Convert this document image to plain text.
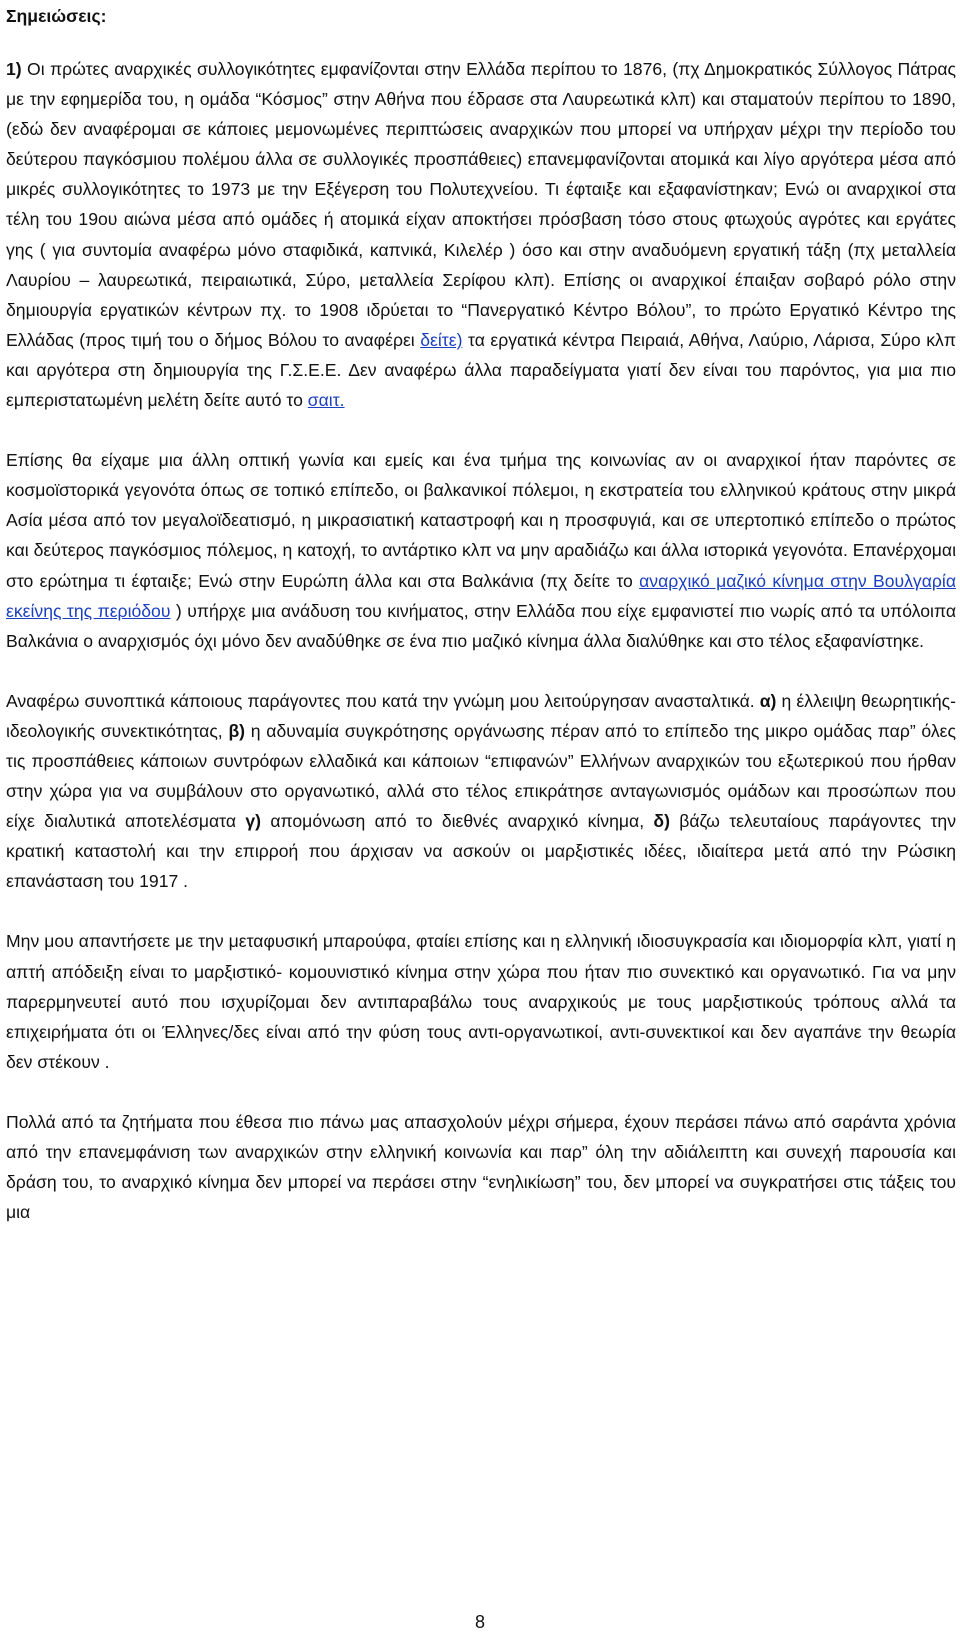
Σημειώσεις:

1) Οι πρώτες αναρχικές συλλογικότητες εμφανίζονται στην Ελλάδα περίπου το 1876, (πχ Δημοκρατικός Σύλλογος Πάτρας με την εφημερίδα του, η ομάδα “Κόσμος” στην Αθήνα που έδρασε στα Λαυρεωτικά κλπ) και σταματούν περίπου το 1890, (εδώ δεν αναφέρομαι σε κάποιες μεμονωμένες περιπτώσεις αναρχικών που μπορεί να υπήρχαν μέχρι την περίοδο του δεύτερου παγκόσμιου πολέμου άλλα σε συλλογικές προσπάθειες) επανεμφανίζονται ατομικά και λίγο αργότερα μέσα από μικρές συλλογικότητες το 1973 με την Εξέγερση του Πολυτεχνείου. Τι έφταιξε και εξαφανίστηκαν; Ενώ οι αναρχικοί στα τέλη του 19ου αιώνα μέσα από ομάδες ή ατομικά είχαν αποκτήσει πρόσβαση τόσο στους φτωχούς αγρότες και εργάτες γης ( για συντομία αναφέρω μόνο σταφιδικά, καπνικά, Κιλελέρ ) όσο και στην αναδυόμενη εργατική τάξη (πχ μεταλλεία Λαυρίου – λαυρεωτικά, πειραιωτικά, Σύρο, μεταλλεία Σερίφου κλπ). Επίσης οι αναρχικοί έπαιξαν σοβαρό ρόλο στην δημιουργία εργατικών κέντρων πχ. το 1908 ιδρύεται το “Πανεργατικό Κέντρο Βόλου”, το πρώτο Εργατικό Κέντρο της Ελλάδας (προς τιμή του ο δήμος Βόλου το αναφέρει δείτε) τα εργατικά κέντρα Πειραιά, Αθήνα, Λαύριο, Λάρισα, Σύρο κλπ και αργότερα στη δημιουργία της Γ.Σ.Ε.Ε. Δεν αναφέρω άλλα παραδείγματα γιατί δεν είναι του παρόντος, για μια πιο εμπεριστατωμένη μελέτη δείτε αυτό το σαιτ.

Επίσης θα είχαμε μια άλλη οπτική γωνία και εμείς και ένα τμήμα της κοινωνίας αν οι αναρχικοί ήταν παρόντες σε κοσμοϊστορικά γεγονότα όπως σε τοπικό επίπεδο, οι βαλκανικοί πόλεμοι, η εκστρατεία του ελληνικού κράτους στην μικρά Ασία μέσα από τον μεγαλοϊδεατισμό, η μικρασιατική καταστροφή και η προσφυγιά, και σε υπερτοπικό επίπεδο ο πρώτος και δεύτερος παγκόσμιος πόλεμος, η κατοχή, το αντάρτικο κλπ να μην αραδιάζω και άλλα ιστορικά γεγονότα. Επανέρχομαι στο ερώτημα τι έφταιξε; Ενώ στην Ευρώπη άλλα και στα Βαλκάνια (πχ δείτε το αναρχικό μαζικό κίνημα στην Βουλγαρία εκείνης της περιόδου ) υπήρχε μια ανάδυση του κινήματος, στην Ελλάδα που είχε εμφανιστεί πιο νωρίς από τα υπόλοιπα Βαλκάνια ο αναρχισμός όχι μόνο δεν αναδύθηκε σε ένα πιο μαζικό κίνημα άλλα διαλύθηκε και στο τέλος εξαφανίστηκε.

Αναφέρω συνοπτικά κάποιους παράγοντες που κατά την γνώμη μου λειτούργησαν ανασταλτικά. α) η έλλειψη θεωρητικής- ιδεολογικής συνεκτικότητας, β) η αδυναμία συγκρότησης οργάνωσης πέραν από το επίπεδο της μικρο ομάδας παρ” όλες τις προσπάθειες κάποιων συντρόφων ελλαδικά και κάποιων “επιφανών” Ελλήνων αναρχικών του εξωτερικού που ήρθαν στην χώρα για να συμβάλουν στο οργανωτικό, αλλά στο τέλος επικράτησε ανταγωνισμός ομάδων και προσώπων που είχε διαλυτικά αποτελέσματα γ) απομόνωση από το διεθνές αναρχικό κίνημα, δ) βάζω τελευταίους παράγοντες την κρατική καταστολή και την επιρροή που άρχισαν να ασκούν οι μαρξιστικές ιδέες, ιδιαίτερα μετά από την Ρώσικη επανάσταση του 1917 .

Μην μου απαντήσετε με την μεταφυσική μπαρούφα, φταίει επίσης και η ελληνική ιδιοσυγκρασία και ιδιομορφία κλπ, γιατί η απτή απόδειξη είναι το μαρξιστικό- κομουνιστικό κίνημα στην χώρα που ήταν πιο συνεκτικό και οργανωτικό. Για να μην παρερμηνευτεί αυτό που ισχυρίζομαι δεν αντιπαραβάλω τους αναρχικούς με τους μαρξιστικούς τρόπους αλλά τα επιχειρήματα ότι οι Έλληνες/δες είναι από την φύση τους αντι-οργανωτικοί, αντι-συνεκτικοί και δεν αγαπάνε την θεωρία δεν στέκουν .

Πολλά από τα ζητήματα που έθεσα πιο πάνω μας απασχολούν μέχρι σήμερα, έχουν περάσει πάνω από σαράντα χρόνια από την επανεμφάνιση των αναρχικών στην ελληνική κοινωνία και παρ” όλη την αδιάλειπτη και συνεχή παρουσία και δράση του, το αναρχικό κίνημα δεν μπορεί να περάσει στην “ενηλικίωση” του, δεν μπορεί να συγκρατήσει στις τάξεις του μια

8
